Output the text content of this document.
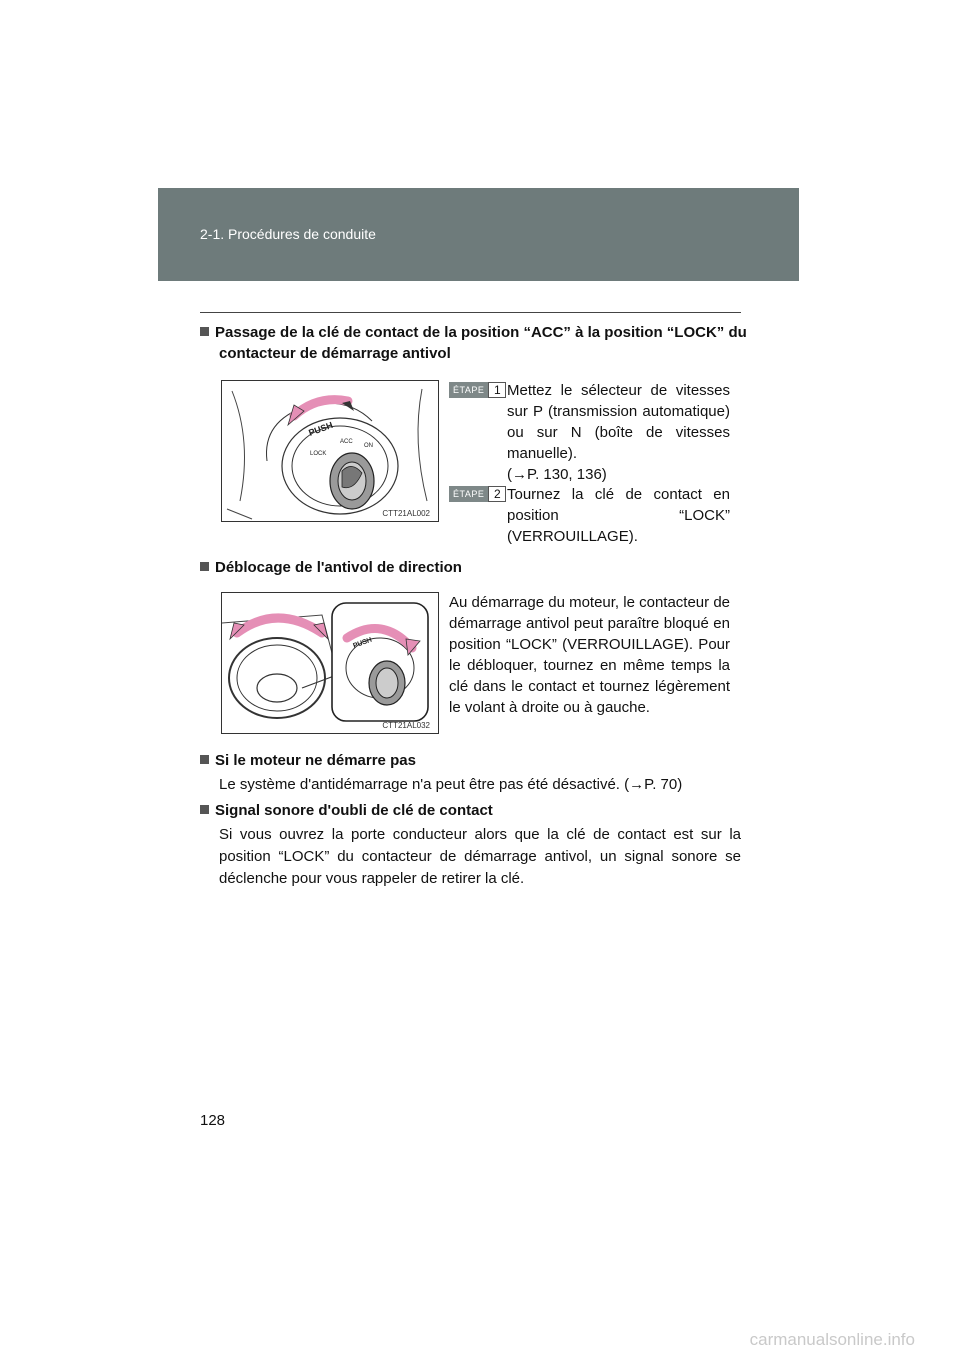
2-1. Procédures de conduite
Passage de la clé de contact de la position “ACC” à la position “LOCK” du contacteur de démarrage antivol
PUSH
ACC
ON
LOCK
CTT21AL002
ÉTAPE 1 Mettez le sélecteur de vitesses sur P (transmission automatique) ou sur N (boîte de vitesses manuelle).

(→P. 130, 136)
ÉTAPE 2 Tournez la clé de contact en position “LOCK” (VERROUILLAGE).
Déblocage de l'antivol de direction
PUSH
CTT21AL032
Au démarrage du moteur, le contacteur de démarrage antivol peut paraître bloqué en position “LOCK” (VERROUILLAGE). Pour le débloquer, tournez en même temps la clé dans le contact et tournez légèrement le volant à droite ou à gauche.
Si le moteur ne démarre pas
Le système d'antidémarrage n'a peut être pas été désactivé. (→P. 70)
Signal sonore d'oubli de clé de contact
Si vous ouvrez la porte conducteur alors que la clé de contact est sur la position “LOCK” du contacteur de démarrage antivol, un signal sonore se déclenche pour vous rappeler de retirer la clé.
128
carmanualsonline.info
